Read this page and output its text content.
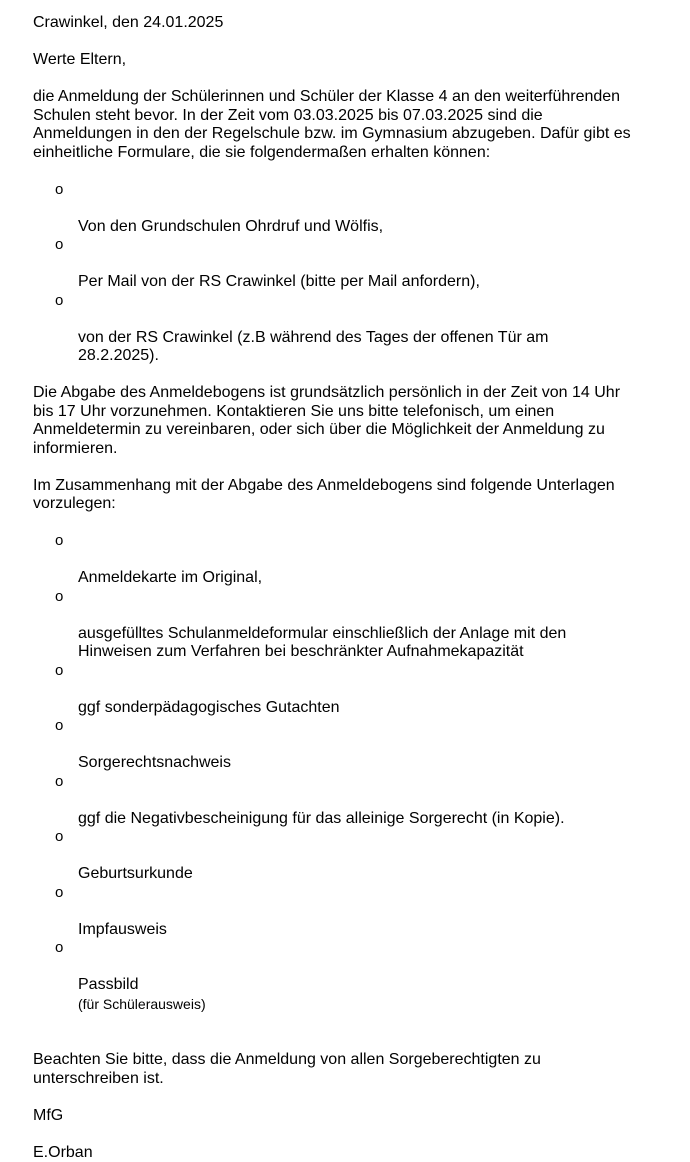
Crawinkel, den 24.01.2025

Werte Eltern,

die Anmeldung der Schülerinnen und Schüler der Klasse 4 an den weiterführenden
Schulen steht bevor. In der Zeit vom 03.03.2025 bis 07.03.2025 sind die
Anmeldungen in den der Regelschule bzw. im Gymnasium abzugeben. Dafür gibt es
einheitliche Formulare, die sie folgendermaßen erhalten können:

o

Von den Grundschulen Ohrdruf und Wölfis,

o

Per Mail von der RS Crawinkel (bitte per Mail anfordern),

o

von der RS Crawinkel (z.B während des Tages der offenen Tür am
28.2.2025).

Die Abgabe des Anmeldebogens ist grundsätzlich persönlich in der Zeit von 14 Uhr
bis 17 Uhr vorzunehmen. Kontaktieren Sie uns bitte telefonisch, um einen
Anmeldetermin zu vereinbaren, oder sich über die Möglichkeit der Anmeldung zu
informieren.

Im Zusammenhang mit der Abgabe des Anmeldebogens sind folgende Unterlagen
vorzulegen:

o

Anmeldekarte im Original,

o

ausgefülltes Schulanmeldeformular einschließlich der Anlage mit den
Hinweisen zum Verfahren bei beschränkter Aufnahmekapazität

o

ggf sonderpädagogisches Gutachten

o

Sorgerechtsnachweis

o

ggf die Negativbescheinigung für das alleinige Sorgerecht (in Kopie).

o

Geburtsurkunde

o

Impfausweis

o

Passbild
(für Schülerausweis)

Beachten Sie bitte, dass die Anmeldung von allen Sorgeberechtigten zu
unterschreiben ist.

MfG

E.Orban
